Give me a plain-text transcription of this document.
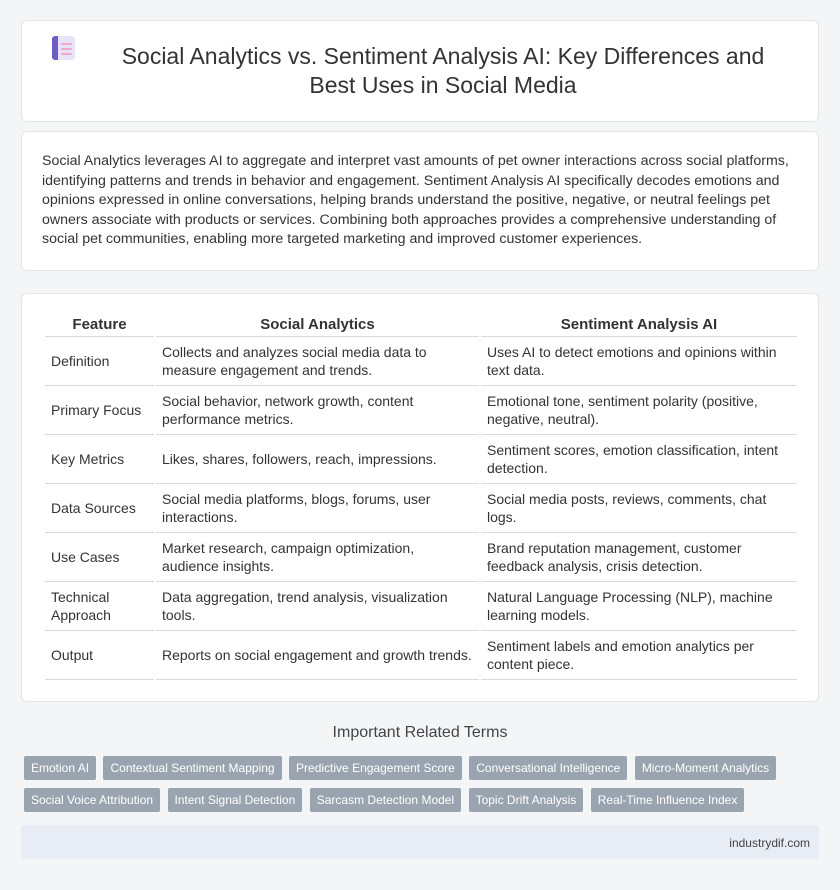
Social Analytics vs. Sentiment Analysis AI: Key Differences and Best Uses in Social Media

Social Analytics leverages AI to aggregate and interpret vast amounts of pet owner interactions across social platforms, identifying patterns and trends in behavior and engagement. Sentiment Analysis AI specifically decodes emotions and opinions expressed in online conversations, helping brands understand the positive, negative, or neutral feelings pet owners associate with products or services. Combining both approaches provides a comprehensive understanding of social pet communities, enabling more targeted marketing and improved customer experiences.

Feature	Social Analytics	Sentiment Analysis AI
Definition	Collects and analyzes social media data to measure engagement and trends.	Uses AI to detect emotions and opinions within text data.
Primary Focus	Social behavior, network growth, content performance metrics.	Emotional tone, sentiment polarity (positive, negative, neutral).
Key Metrics	Likes, shares, followers, reach, impressions.	Sentiment scores, emotion classification, intent detection.
Data Sources	Social media platforms, blogs, forums, user interactions.	Social media posts, reviews, comments, chat logs.
Use Cases	Market research, campaign optimization, audience insights.	Brand reputation management, customer feedback analysis, crisis detection.
Technical Approach	Data aggregation, trend analysis, visualization tools.	Natural Language Processing (NLP), machine learning models.
Output	Reports on social engagement and growth trends.	Sentiment labels and emotion analytics per content piece.
Important Related Terms
Emotion AI Contextual Sentiment Mapping Predictive Engagement Score Conversational Intelligence Micro-Moment Analytics
Social Voice Attribution Intent Signal Detection Sarcasm Detection Model Topic Drift Analysis Real-Time Influence Index
industrydif.com
